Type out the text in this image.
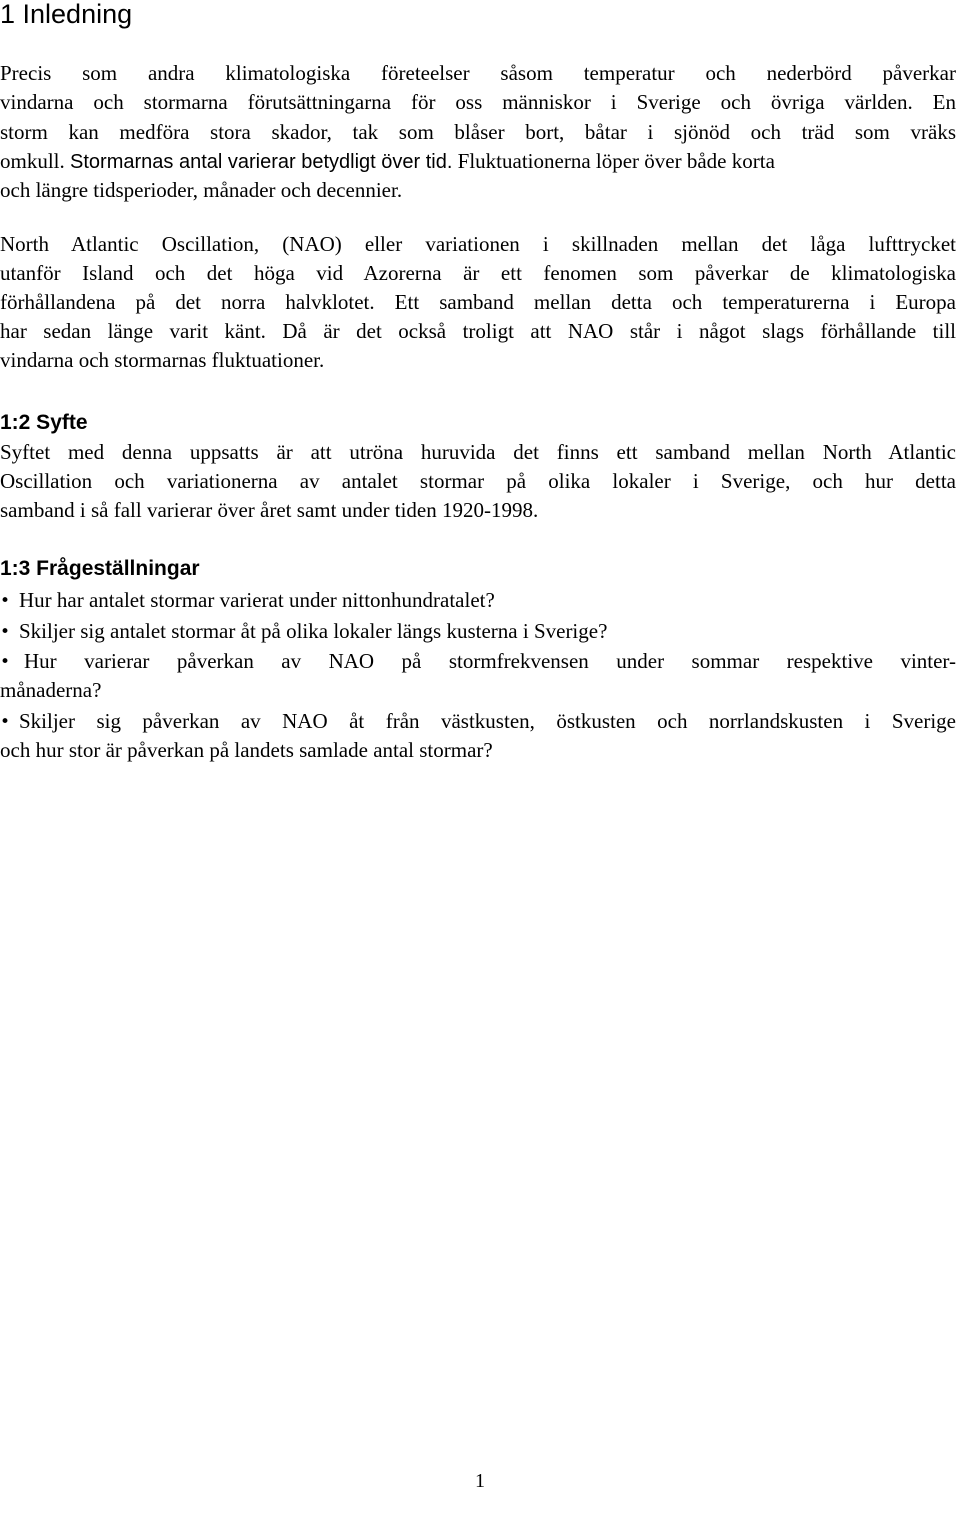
1 Inledning
Precis som andra klimatologiska företeelser såsom temperatur och nederbörd påverkar
vindarna och stormarna förutsättningarna för oss människor i Sverige och övriga världen. En
storm kan medföra stora skador, tak som blåser bort, båtar i sjönöd och träd som vräks
omkull. Stormarnas antal varierar betydligt över tid. Fluktuationerna löper över både korta
och längre tidsperioder, månader och decennier.
North Atlantic Oscillation, (NAO) eller variationen i skillnaden mellan det låga lufttrycket
utanför Island och det höga vid Azorerna är ett fenomen som påverkar de klimatologiska
förhållandena på det norra halvklotet. Ett samband mellan detta och temperaturerna i Europa
har sedan länge varit känt. Då är det också troligt att NAO står i något slags förhållande till
vindarna och stormarnas fluktuationer.
1:2 Syfte
Syftet med denna uppsatts är att utröna huruvida det finns ett samband mellan North Atlantic
Oscillation och variationerna av antalet stormar på olika lokaler i Sverige, och hur detta
samband i så fall varierar över året samt under tiden 1920-1998.
1:3 Frågeställningar
• Hur har antalet stormar varierat under nittonhundratalet?
• Skiljer sig antalet stormar åt på olika lokaler längs kusterna i Sverige?
• Hur varierar påverkan av NAO på stormfrekvensen under sommar respektive vinter-
månaderna?
• Skiljer sig påverkan av NAO åt från västkusten, östkusten och norrlandskusten i Sverige
och hur stor är påverkan på landets samlade antal stormar?
1
